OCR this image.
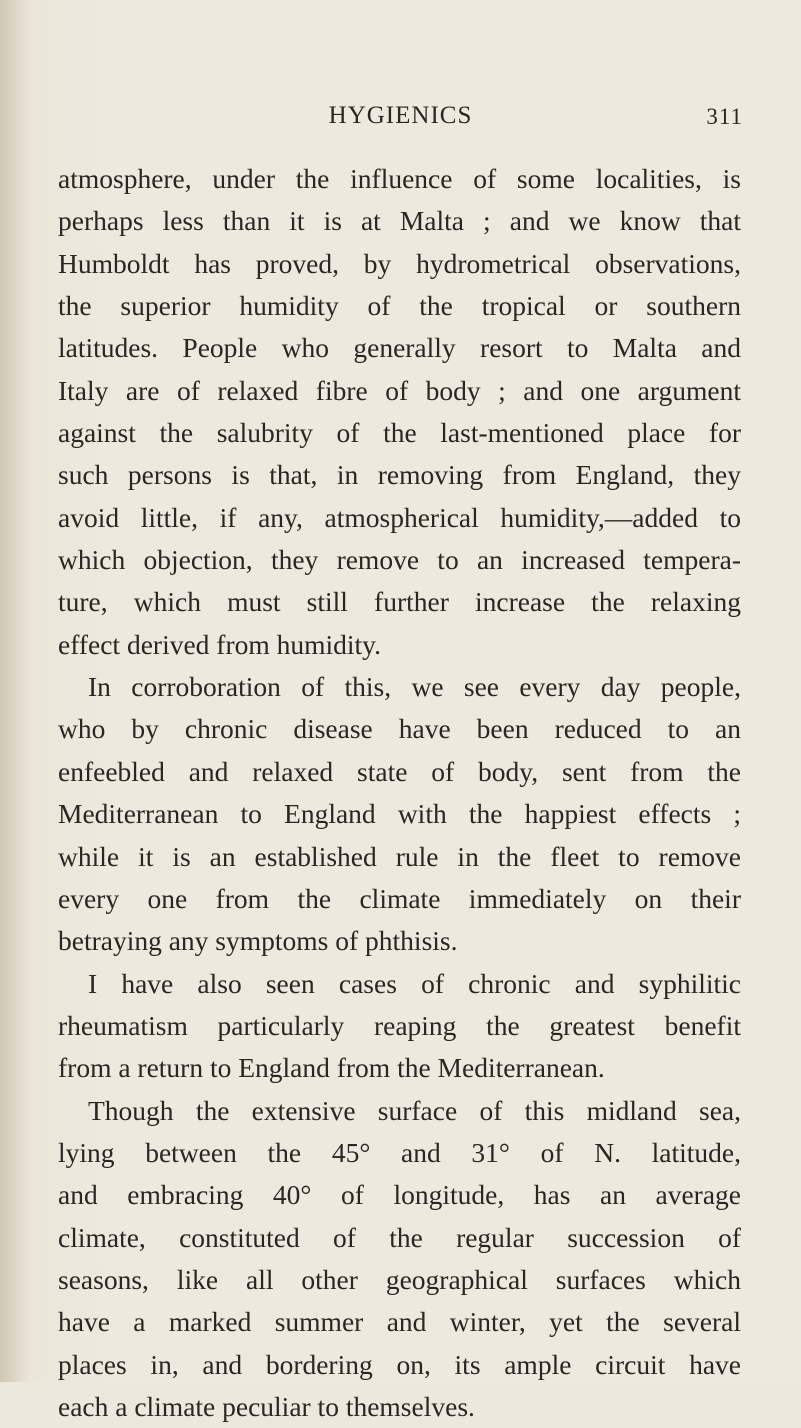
HYGIENICS	311
atmosphere, under the influence of some localities, is
perhaps less than it is at Malta ; and we know that
Humboldt has proved, by hydrometrical observations,
the superior humidity of the tropical or southern
latitudes. People who generally resort to Malta and
Italy are of relaxed fibre of body ; and one argument
against the salubrity of the last-mentioned place for
such persons is that, in removing from England, they
avoid little, if any, atmospherical humidity,—added to
which objection, they remove to an increased tempera-
ture, which must still further increase the relaxing
effect derived from humidity.
In corroboration of this, we see every day people,
who by chronic disease have been reduced to an
enfeebled and relaxed state of body, sent from the
Mediterranean to England with the happiest effects ;
while it is an established rule in the fleet to remove
every one from the climate immediately on their
betraying any symptoms of phthisis.
I have also seen cases of chronic and syphilitic
rheumatism particularly reaping the greatest benefit
from a return to England from the Mediterranean.
Though the extensive surface of this midland sea,
lying between the 45° and 31° of N. latitude,
and embracing 40° of longitude, has an average
climate, constituted of the regular succession of
seasons, like all other geographical surfaces which
have a marked summer and winter, yet the several
places in, and bordering on, its ample circuit have
each a climate peculiar to themselves.
